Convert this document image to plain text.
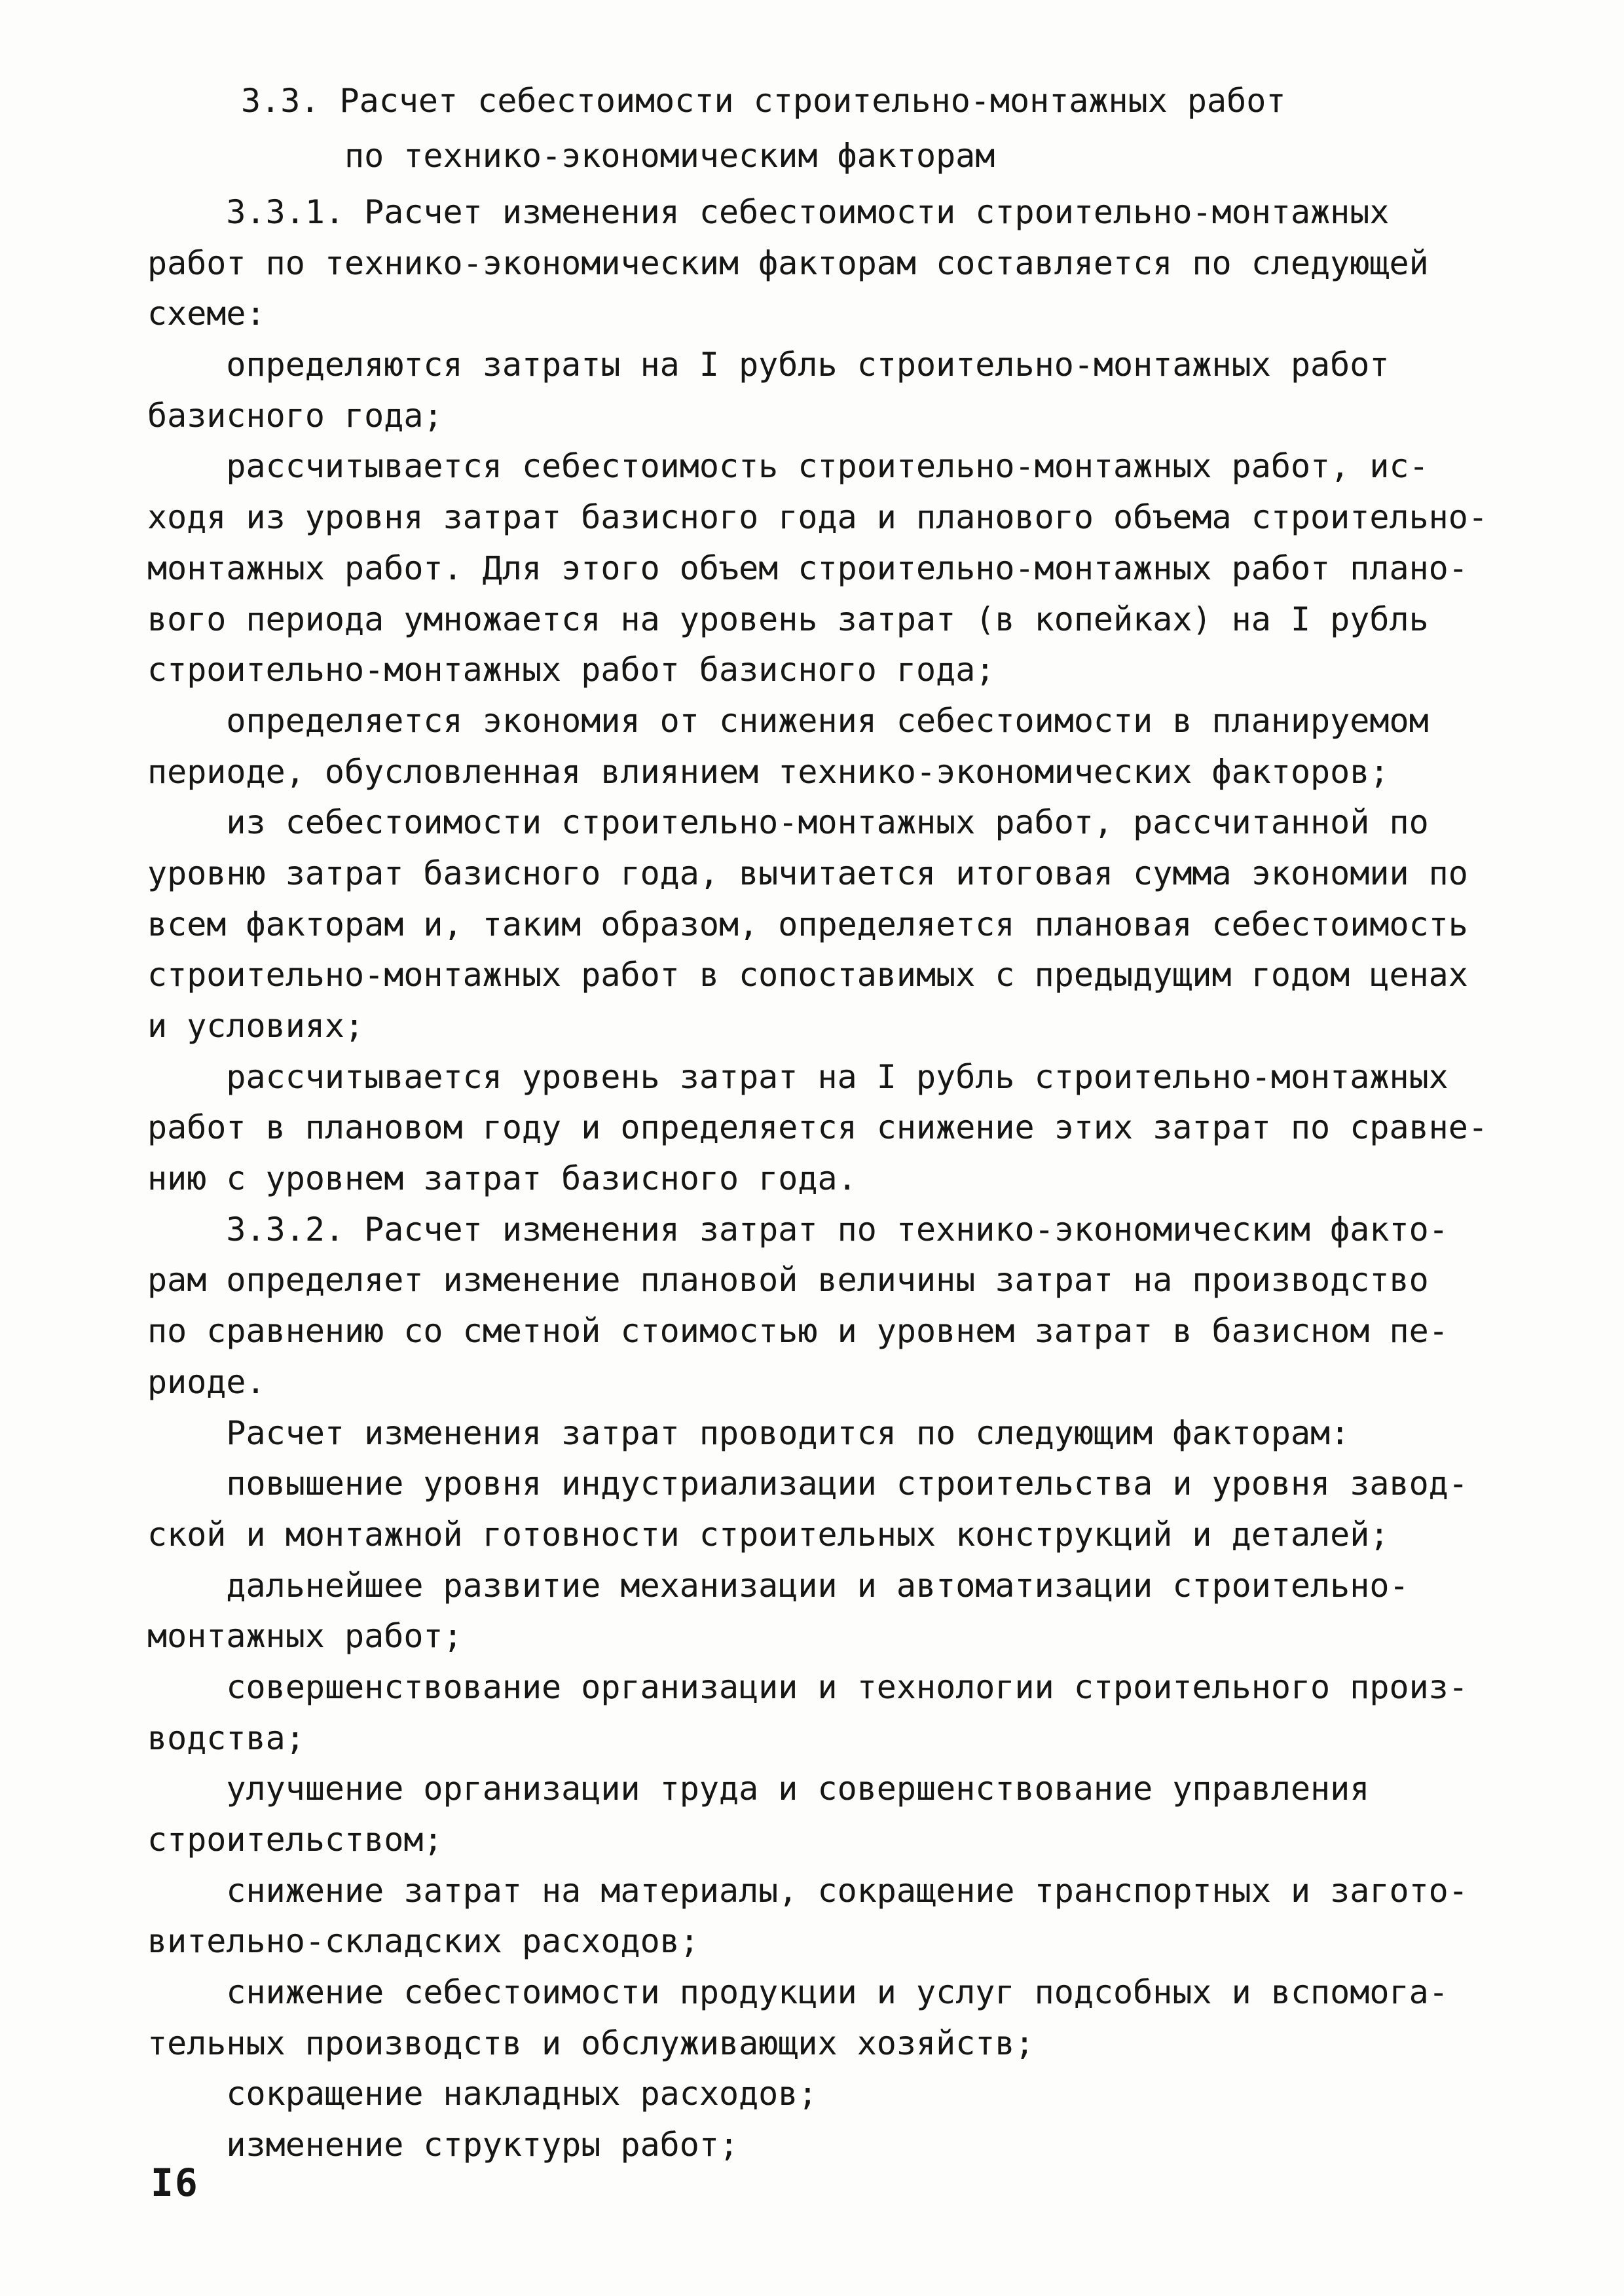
3.3. Расчет себестоимости строительно-монтажных работ
по технико-экономическим факторам
3.3.1. Расчет изменения себестоимости строительно-монтажных
работ по технико-экономическим факторам составляется по следующей
схеме:
определяются затраты на I рубль строительно-монтажных работ
базисного года;
рассчитывается себестоимость строительно-монтажных работ, ис-
ходя из уровня затрат базисного года и планового объема строительно-
монтажных работ. Для этого объем строительно-монтажных работ плано-
вого периода умножается на уровень затрат (в копейках) на I рубль
строительно-монтажных работ базисного года;
определяется экономия от снижения себестоимости в планируемом
периоде, обусловленная влиянием технико-экономических факторов;
из себестоимости строительно-монтажных работ, рассчитанной по
уровню затрат базисного года, вычитается итоговая сумма экономии по
всем факторам и, таким образом, определяется плановая себестоимость
строительно-монтажных работ в сопоставимых с предыдущим годом ценах
и условиях;
рассчитывается уровень затрат на I рубль строительно-монтажных
работ в плановом году и определяется снижение этих затрат по сравне-
нию с уровнем затрат базисного года.
3.3.2. Расчет изменения затрат по технико-экономическим факто-
рам определяет изменение плановой величины затрат на производство
по сравнению со сметной стоимостью и уровнем затрат в базисном пе-
риоде.
Расчет изменения затрат проводится по следующим факторам:
повышение уровня индустриализации строительства и уровня завод-
ской и монтажной готовности строительных конструкций и деталей;
дальнейшее развитие механизации и автоматизации строительно-
монтажных работ;
совершенствование организации и технологии строительного произ-
водства;
улучшение организации труда и совершенствование управления
строительством;
снижение затрат на материалы, сокращение транспортных и загото-
вительно-складских расходов;
снижение себестоимости продукции и услуг подсобных и вспомога-
тельных производств и обслуживающих хозяйств;
сокращение накладных расходов;
изменение структуры работ;
I6
